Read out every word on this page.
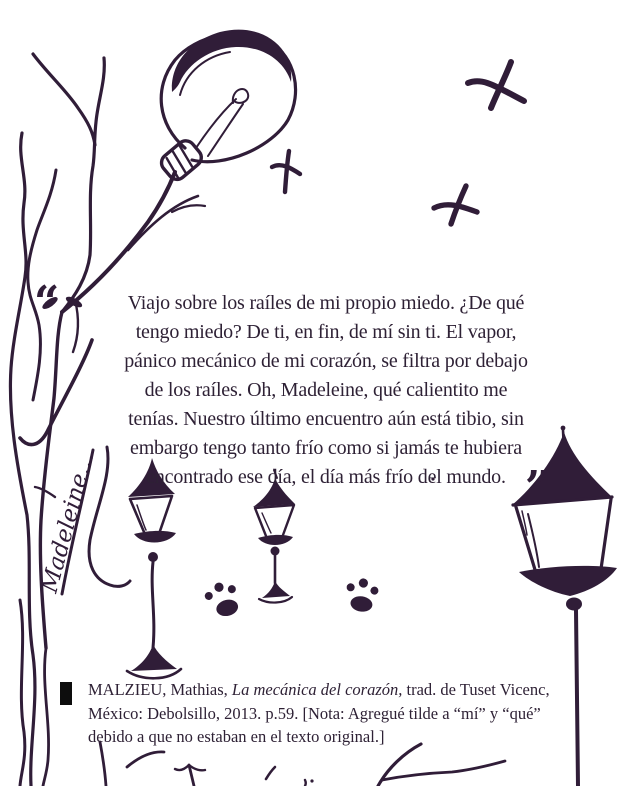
Madeleine...
“	Viajo sobre los raíles de mi propio miedo. ¿De qué
tengo miedo? De ti, en fin, de mí sin ti. El vapor,
pánico mecánico de mi corazón, se filtra por debajo
de los raíles. Oh, Madeleine, qué calientito me
tenías. Nuestro último encuentro aún está tibio, sin
embargo tengo tanto frío como si jamás te hubiera
encontrado ese día, el día más frío del mundo. ”
MALZIEU, Mathias, La mecánica del corazón, trad. de Tuset Vicenc,
México: Debolsillo, 2013. p.59. [Nota: Agregué tilde a “mí” y “qué”
debido a que no estaban en el texto original.]
